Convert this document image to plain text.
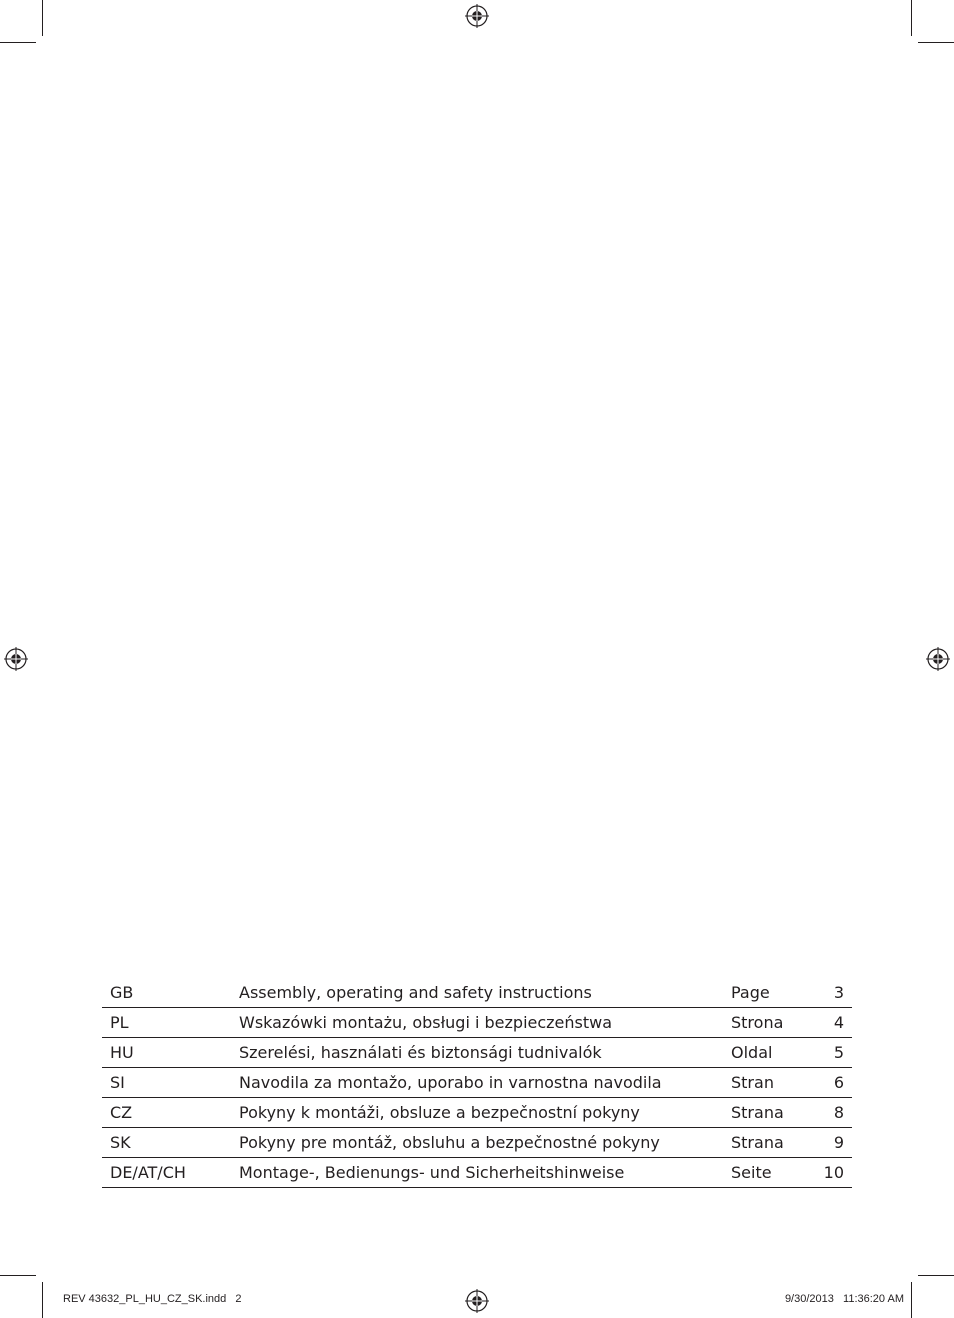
GB	Assembly, operating and safety instructions	Page	3
PL	Wskazówki montażu, obsługi i bezpieczeństwa	Strona	4
HU	Szerelési, használati és biztonsági tudnivalók	Oldal	5
SI	Navodila za montažo, uporabo in varnostna navodila	Stran	6
CZ	Pokyny k montáži, obsluze a bezpečnostní pokyny	Strana	8
SK	Pokyny pre montáž, obsluhu a bezpečnostné pokyny	Strana	9
DE/AT/CH	Montage-, Bedienungs- und Sicherheitshinweise	Seite	10
REV 43632_PL_HU_CZ_SK.indd   2	9/30/2013   11:36:20 AM
